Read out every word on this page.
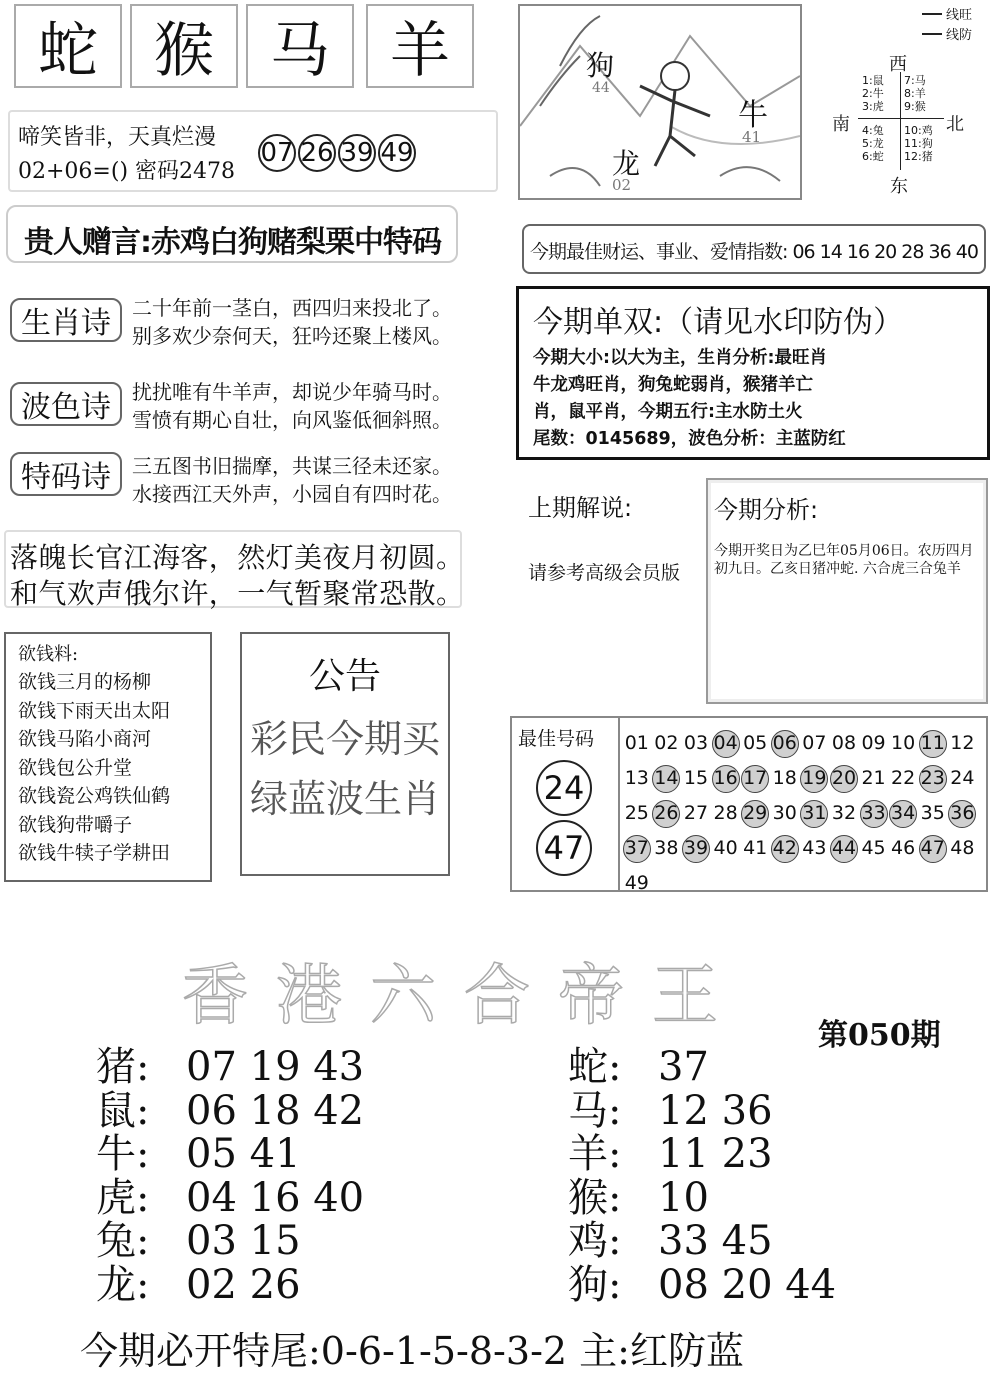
蛇 猴 马	羊
啼笑皆非，天真烂漫
02+06=() 密码2478
07 26 39 49
贵人赠言:赤鸡白狗赌梨栗中特码
生肖诗	二十年前一茎白，西四归来投北了。
别多欢少奈何天，狂吟还聚上楼风。
波色诗	扰扰唯有牛羊声，却说少年骑马时。
雪愤有期心自壮，向风鉴低徊斜照。
特码诗	三五图书旧揣摩，共谋三径未还家。
水接西江天外声，小园自有四时花。
落魄长官江海客，然灯美夜月初圆。
和气欢声俄尔许，一气暂聚常恐散。
欲钱料:
欲钱三月的杨柳
欲钱下雨天出太阳
欲钱马陷小商河
欲钱包公升堂
欲钱瓷公鸡铁仙鹤
欲钱狗带嚼子
欲钱牛犊子学耕田
公告
彩民今期买
绿蓝波生肖
狗
44
牛
41
龙
02
线旺
线防
西
南	北
东
1:鼠
2:牛
3:虎
7:马
8:羊
9:猴
4:兔
5:龙
6:蛇
10:鸡
11:狗
12:猪
今期最佳财运、事业、爱情指数: 06 14 16 20 28 36 40
今期单双:（请见水印防伪）
今期大小:以大为主，生肖分析:最旺肖
牛龙鸡旺肖，狗兔蛇弱肖，猴猪羊亡
肖，鼠平肖，今期五行:主水防土火
尾数：0145689，波色分析：主蓝防红
上期解说:
请参考高级会员版
今期分析:
今期开奖日为乙巳年05月06日。农历四月初九日。乙亥日猪冲蛇. 六合虎三合兔羊
最佳号码
24
47
01 02 03 04 05 06 07 08 09 10 11 12
13 14 15 16 17 18 19 20 21 22 23 24
25 26 27 28 29 30 31 32 33 34 35 36
37 38 39 40 41 42 43 44 45 46 47 48
49
香港六合帝王
第050期
猪: 07 19 43
鼠: 06 18 42
牛: 05 41
虎: 04 16 40
兔: 03 15
龙: 02 26
蛇: 37
马: 12 36
羊: 11 23
猴: 10
鸡: 33 45
狗: 08 20 44
今期必开特尾:0-6-1-5-8-3-2 主:红防蓝
